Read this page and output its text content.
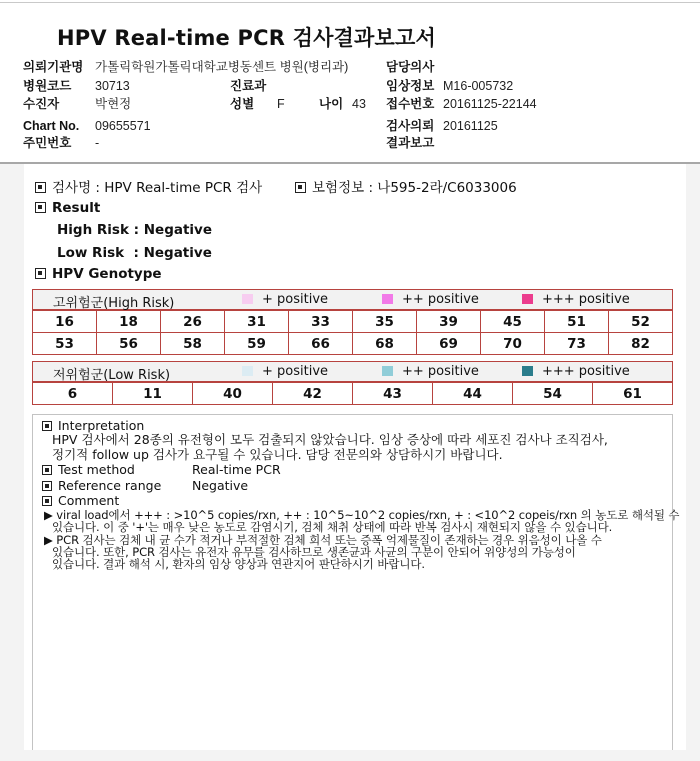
HPV Real-time PCR 검사결과보고서
의뢰기관명 가톨릭학원가톨릭대학교병동센트 병원(병리과)	담당의사
병원코드 30713	진료과	임상정보 M16-005732
수진자	박현정	성별 F	나이 43 접수번호 20161125-22144
Chart No. 09655571	검사의뢰 20161125
주민번호 -	결과보고
검사명 : HPV Real-time PCR 검사	보험정보 : 나595-2라/C6033006
Result
High Risk : Negative
Low Risk  : Negative
HPV Genotype
고위험군(High Risk)	+ positive	++ positive	+++ positive
16	18	26	31	33	35	39	45	51	52
53	56	58	59	66	68	69	70	73	82
저위험군(Low Risk)	+ positive	++ positive	+++ positive
6	11	40	42	43	44	54	61
Interpretation
HPV 검사에서 28종의 유전형이 모두 검출되지 않았습니다. 임상 증상에 따라 세포진 검사나 조직검사,
정기적 follow up 검사가 요구될 수 있습니다. 담당 전문의와 상담하시기 바랍니다.
Test method	Real-time PCR
Reference range Negative
Comment
▶ viral load에서 +++ : >10^5 copies/rxn, ++ : 10^5~10^2 copies/rxn, + : <10^2 copeis/rxn 의 농도로 해석될 수
있습니다. 이 중 '+'는 매우 낮은 농도로 감염시기, 검체 채취 상태에 따라 반복 검사시 재현되지 않을 수 있습니다.
▶ PCR 검사는 검체 내 균 수가 적거나 부적절한 검체 희석 또는 증폭 억제물질이 존재하는 경우 위음성이 나올 수
있습니다. 또한, PCR 검사는 유전자 유무를 검사하므로 생존균과 사균의 구분이 안되어 위양성의 가능성이
있습니다. 결과 해석 시, 환자의 임상 양상과 연관지어 판단하시기 바랍니다.
